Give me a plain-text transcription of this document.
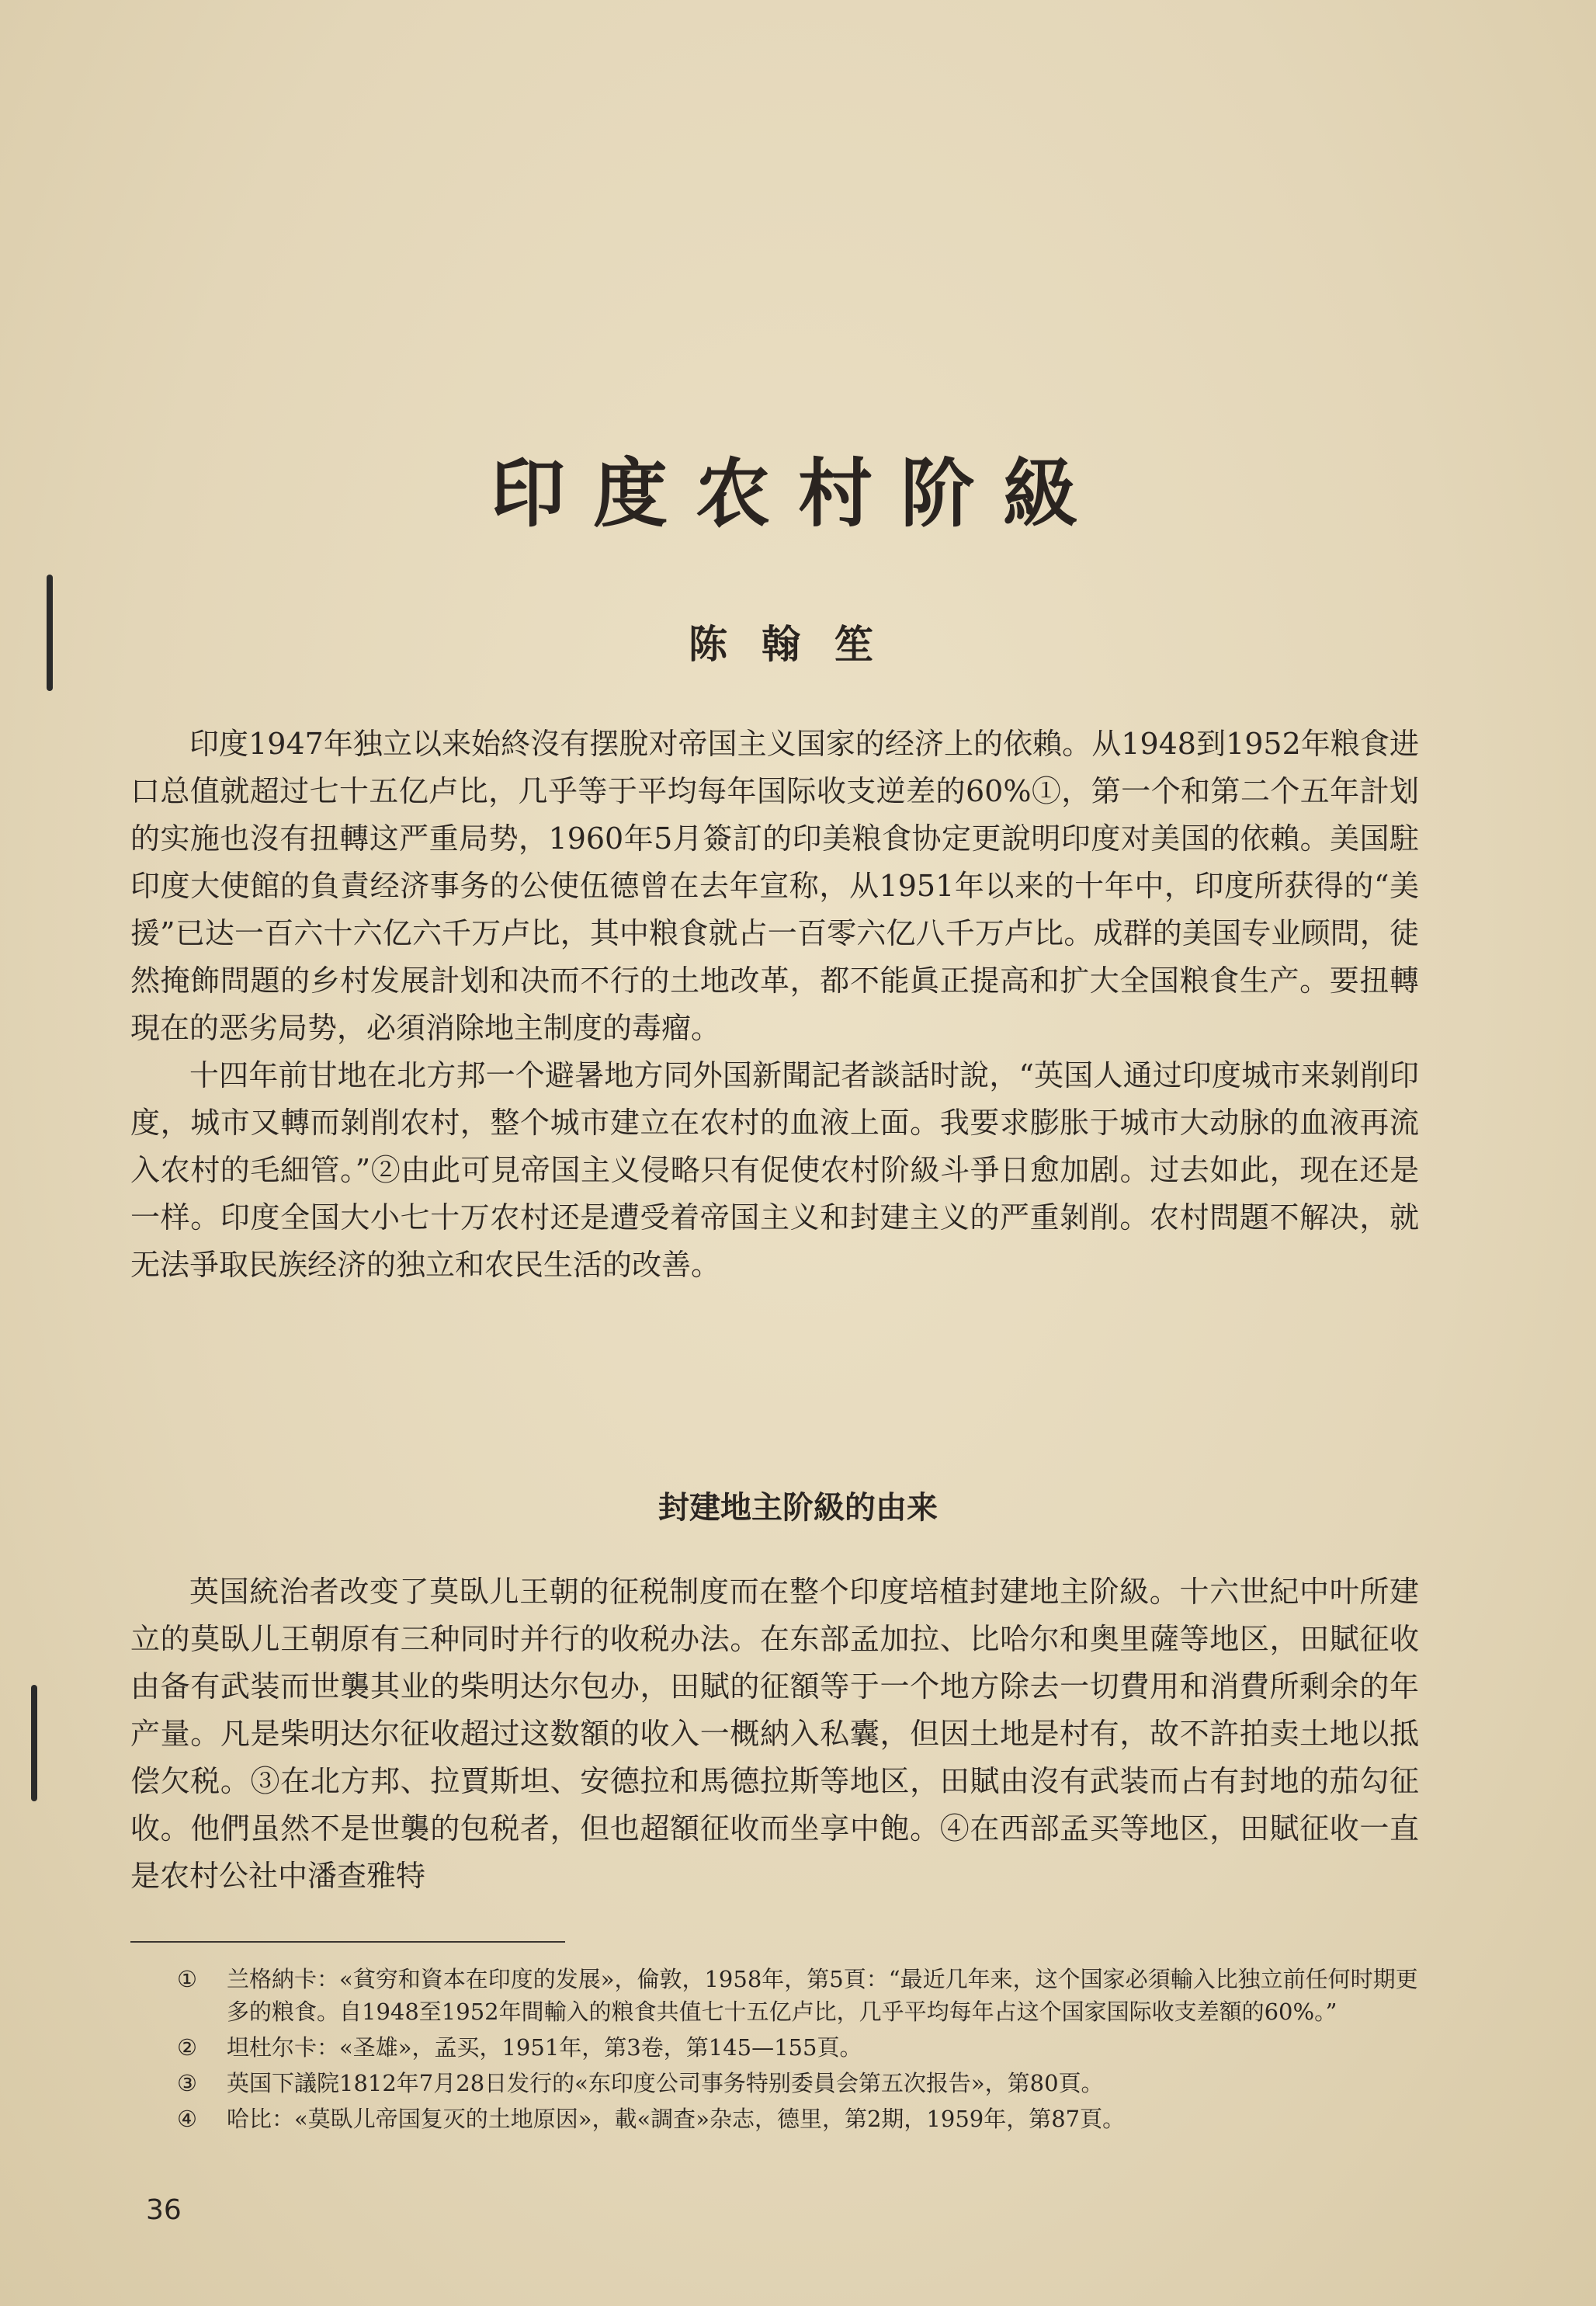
印度农村阶級
陈翰笙

印度1947年独立以来始終沒有摆脫对帝国主义国家的经济上的依賴。从1948到1952年粮食进口总值就超过七十五亿卢比，几乎等于平均每年国际收支逆差的60%①，第一个和第二个五年計划的实施也沒有扭轉这严重局势，1960年5月簽訂的印美粮食协定更說明印度对美国的依賴。美国駐印度大使館的負責经济事务的公使伍德曾在去年宣称，从1951年以来的十年中，印度所获得的“美援”已达一百六十六亿六千万卢比，其中粮食就占一百零六亿八千万卢比。成群的美国专业顾問，徒然掩飾問題的乡村发展計划和决而不行的土地改革，都不能眞正提高和扩大全国粮食生产。要扭轉現在的恶劣局势，必須消除地主制度的毒瘤。

十四年前甘地在北方邦一个避暑地方同外国新聞記者談話时說，“英国人通过印度城市来剝削印度，城市又轉而剝削农村，整个城市建立在农村的血液上面。我要求膨胀于城市大动脉的血液再流入农村的毛細管。”②由此可見帝国主义侵略只有促使农村阶級斗爭日愈加剧。过去如此，现在还是一样。印度全国大小七十万农村还是遭受着帝国主义和封建主义的严重剝削。农村問題不解决，就无法爭取民族经济的独立和农民生活的改善。

封建地主阶級的由来

英国統治者改变了莫臥儿王朝的征税制度而在整个印度培植封建地主阶級。十六世紀中叶所建立的莫臥儿王朝原有三种同时并行的收税办法。在东部孟加拉、比哈尔和奥里薩等地区，田賦征收由备有武装而世襲其业的柴明达尔包办，田賦的征額等于一个地方除去一切費用和消費所剩余的年产量。凡是柴明达尔征收超过这数額的收入一概納入私囊，但因土地是村有，故不許拍卖土地以抵偿欠税。③在北方邦、拉賈斯坦、安德拉和馬德拉斯等地区，田賦由沒有武装而占有封地的茄勾征收。他們虽然不是世襲的包税者，但也超額征收而坐享中飽。④在西部孟买等地区，田賦征收一直是农村公社中潘查雅特

①	兰格納卡：«貧穷和資本在印度的发展»，倫敦，1958年，第5頁：“最近几年来，这个国家必須輸入比独立前任何时期更多的粮食。自1948至1952年間輸入的粮食共值七十五亿卢比，几乎平均每年占这个国家国际收支差額的60%。”
②	坦杜尔卡：«圣雄»，孟买，1951年，第3卷，第145—155頁。
③	英国下議院1812年7月28日发行的«东印度公司事务特别委員会第五次报告»，第80頁。
④	哈比：«莫臥儿帝国复灭的土地原因»，載«調査»杂志，德里，第2期，1959年，第87頁。
36
